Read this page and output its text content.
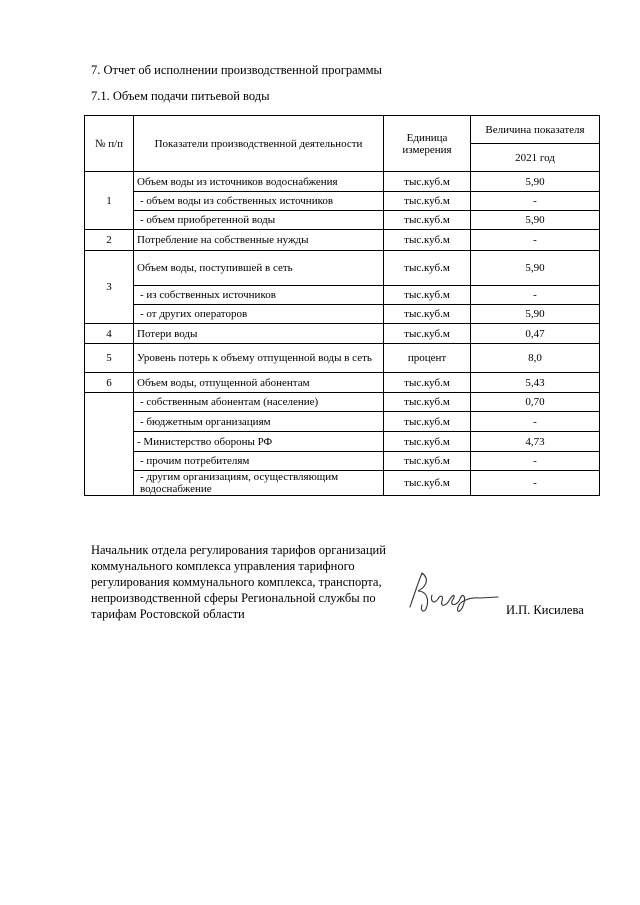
7. Отчет об исполнении производственной программы
7.1. Объем подачи питьевой воды
№ п/п	Показатели производственной деятельности	Единица измерения	Величина показателя
			2021 год
1	Объем воды из источников водоснабжения	тыс.куб.м	5,90
	- объем воды из собственных источников	тыс.куб.м	-
	- объем приобретенной воды	тыс.куб.м	5,90
2	Потребление на собственные нужды	тыс.куб.м	-
3	Объем воды, поступившей в сеть	тыс.куб.м	5,90
	- из собственных источников	тыс.куб.м	-
	- от других операторов	тыс.куб.м	5,90
4	Потери воды	тыс.куб.м	0,47
5	Уровень потерь к объему отпущенной воды в сеть	процент	8,0
6	Объем воды, отпущенной абонентам	тыс.куб.м	5,43
	- собственным абонентам (население)	тыс.куб.м	0,70
	- бюджетным организациям	тыс.куб.м	-
	- Министерство обороны РФ	тыс.куб.м	4,73
	- прочим потребителям	тыс.куб.м	-
	- другим организациям, осуществляющим водоснабжение	тыс.куб.м	-
Начальник отдела регулирования тарифов организаций коммунального комплекса управления тарифного регулирования коммунального комплекса, транспорта, непроизводственной сферы Региональной службы по тарифам Ростовской области	И.П. Кисилева
